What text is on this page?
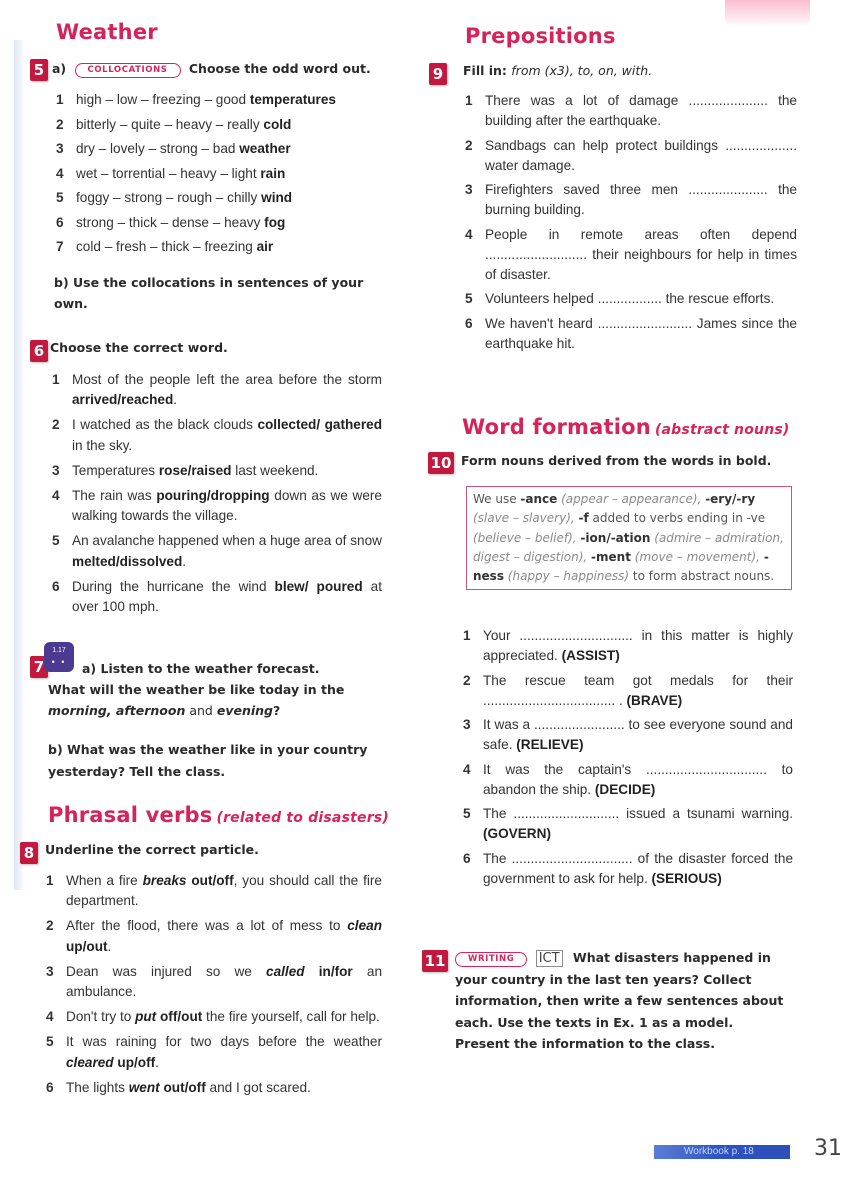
Weather
5 a)	COLLOCATIONS Choose the odd word out.
1 high – low – freezing – good temperatures
2 bitterly – quite – heavy – really cold
3 dry – lovely – strong – bad weather
4 wet – torrential – heavy – light rain
5 foggy – strong – rough – chilly wind
6 strong – thick – dense – heavy fog
7 cold – fresh – thick – freezing air
b) Use the collocations in sentences of your own.
6 Choose the correct word.
1 Most of the people left the area before the storm arrived/reached.
2 I watched as the black clouds collected/ gathered in the sky.
3 Temperatures rose/raised last weekend.
4 The rain was pouring/dropping down as we were walking towards the village.
5 An avalanche happened when a huge area of snow melted/dissolved.
6 During the hurricane the wind blew/ poured at over 100 mph.
7
1.17
• •	a) Listen to the weather forecast.
What will the weather be like today in the
morning, afternoon and evening?
b) What was the weather like in your country yesterday? Tell the class.
Phrasal verbs (related to disasters)
8 Underline the correct particle.
1 When a fire breaks out/off, you should call the fire department.
2 After the flood, there was a lot of mess to clean up/out.
3 Dean was injured so we called in/for an ambulance.
4 Don't try to put off/out the fire yourself, call for help.
5 It was raining for two days before the weather cleared up/off.
6 The lights went out/off and I got scared.
Prepositions
9	Fill in: from (x3), to, on, with.
1 There was a lot of damage ..................... the building after the earthquake.
2 Sandbags can help protect buildings ................... water damage.
3 Firefighters saved three men ..................... the burning building.
4 People in remote areas often depend ........................... their neighbours for help in times of disaster.
5 Volunteers helped ................. the rescue efforts.
6 We haven't heard ......................... James since the earthquake hit.
Word formation (abstract nouns)
10 Form nouns derived from the words in bold.
We use -ance (appear – appearance), -ery/-ry (slave – slavery), -f added to verbs ending in -ve (believe – belief), -ion/-ation (admire – admiration, digest – digestion), -ment (move – movement), -ness (happy – happiness) to form abstract nouns.
1 Your .............................. in this matter is highly appreciated. (ASSIST)
2 The rescue team got medals for their ................................... . (BRAVE)
3 It was a ........................ to see everyone sound and safe. (RELIEVE)
4 It was the captain's ................................ to abandon the ship. (DECIDE)
5 The ............................ issued a tsunami warning. (GOVERN)
6 The ................................ of the disaster forced the government to ask for help. (SERIOUS)
11	WRITING ICT What disasters happened in your country in the last ten years? Collect information, then write a few sentences about each. Use the texts in Ex. 1 as a model. Present the information to the class.
Workbook p. 18	31
